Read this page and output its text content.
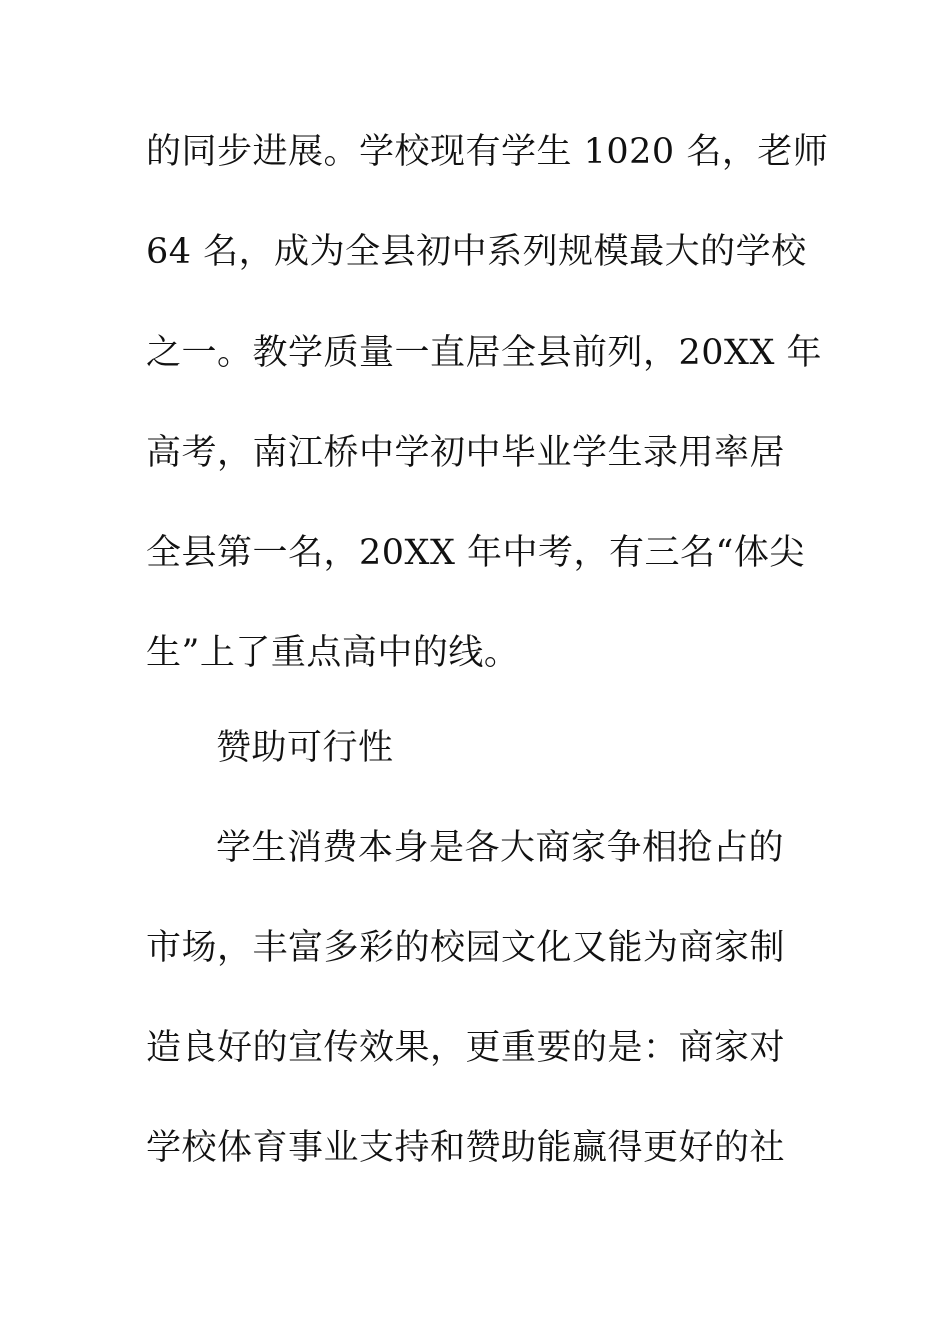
的同步进展。学校现有学生 1020 名，老师
64 名，成为全县初中系列规模最大的学校
之一。教学质量一直居全县前列，20XX 年
高考，南江桥中学初中毕业学生录用率居
全县第一名，20XX 年中考，有三名“体尖
生”上了重点高中的线。
赞助可行性
学生消费本身是各大商家争相抢占的
市场，丰富多彩的校园文化又能为商家制
造良好的宣传效果，更重要的是：商家对
学校体育事业支持和赞助能赢得更好的社
